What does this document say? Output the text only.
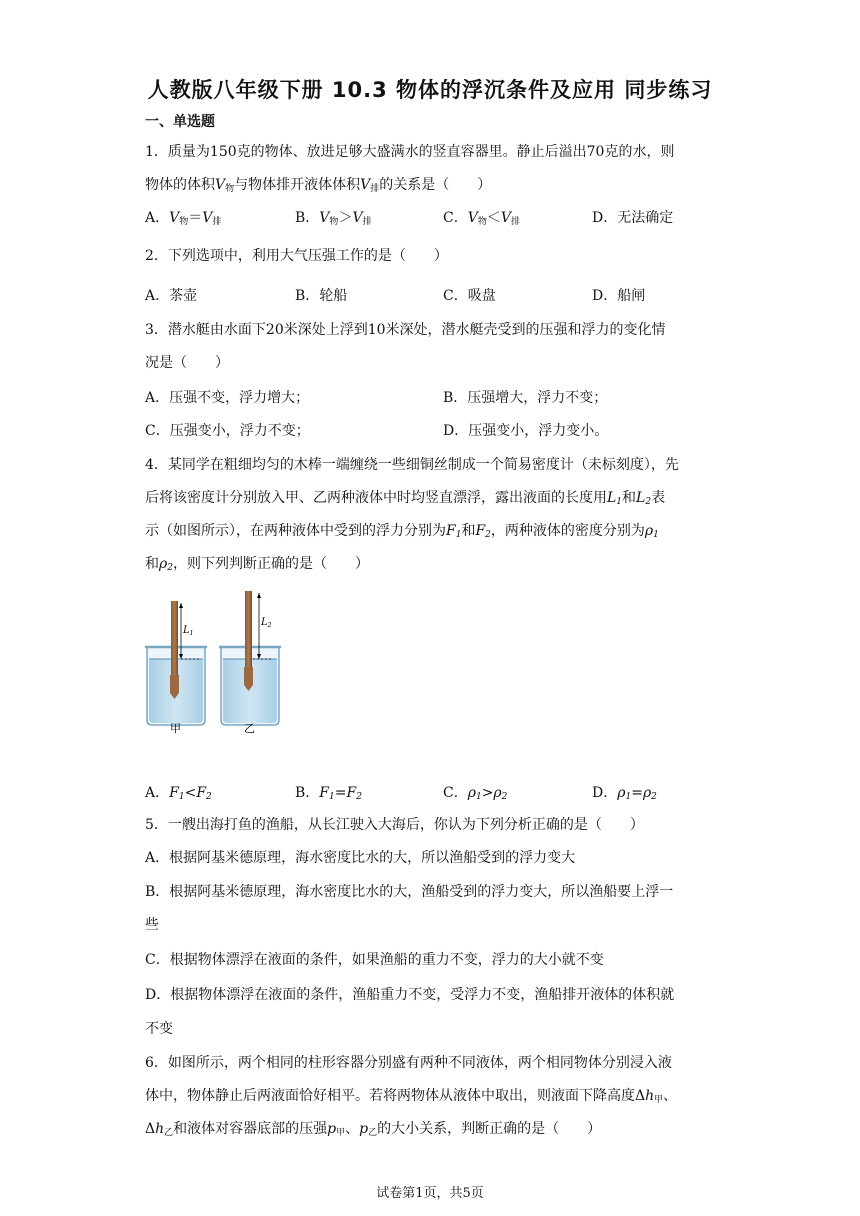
人教版八年级下册 10.3 物体的浮沉条件及应用 同步练习
一、单选题
1．质量为150克的物体、放进足够大盛满水的竖直容器里。静止后溢出70克的水，则
物体的体积$V_物$与物体排开液体体积$V_排$的关系是（　　）
A．$V_物=V_排$	B．$V_物>V_排$	C．$V_物<V_排$	D．无法确定
2．下列选项中，利用大气压强工作的是（　　）
A．茶壶	B．轮船	C．吸盘	D．船闸
3．潜水艇由水面下20米深处上浮到10米深处，潜水艇壳受到的压强和浮力的变化情
况是（　　）
A．压强不变，浮力增大；	B．压强增大，浮力不变；
C．压强变小，浮力不变；	D．压强变小，浮力变小。
4．某同学在粗细均匀的木棒一端缠绕一些细铜丝制成一个简易密度计（未标刻度），先
后将该密度计分别放入甲、乙两种液体中时均竖直漂浮，露出液面的长度用$L_1$和$L_2$表
示（如图所示），在两种液体中受到的浮力分别为$F_1$和$F_2$，两种液体的密度分别为$\rho_1$
和$\rho_2$，则下列判断正确的是（　　）
A．$F_1<F_2$	B．$F_1=F_2$	C．$\rho_1>\rho_2$	D．$\rho_1=\rho_2$
5．一艘出海打鱼的渔船，从长江驶入大海后，你认为下列分析正确的是（　　）
A．根据阿基米德原理，海水密度比水的大，所以渔船受到的浮力变大
B．根据阿基米德原理，海水密度比水的大，渔船受到的浮力变大，所以渔船要上浮一
些
C．根据物体漂浮在液面的条件，如果渔船的重力不变，浮力的大小就不变
D．根据物体漂浮在液面的条件，渔船重力不变，受浮力不变，渔船排开液体的体积就
不变
6．如图所示，两个相同的柱形容器分别盛有两种不同液体，两个相同物体分别浸入液
体中，物体静止后两液面恰好相平。若将两物体从液体中取出，则液面下降高度$\Delta h_甲$、
$\Delta h_乙$和液体对容器底部的压强$p_甲$、$p_乙$的大小关系，判断正确的是（　　）
$L_1$
甲
$L_2$
乙
试卷第1页，共5页
